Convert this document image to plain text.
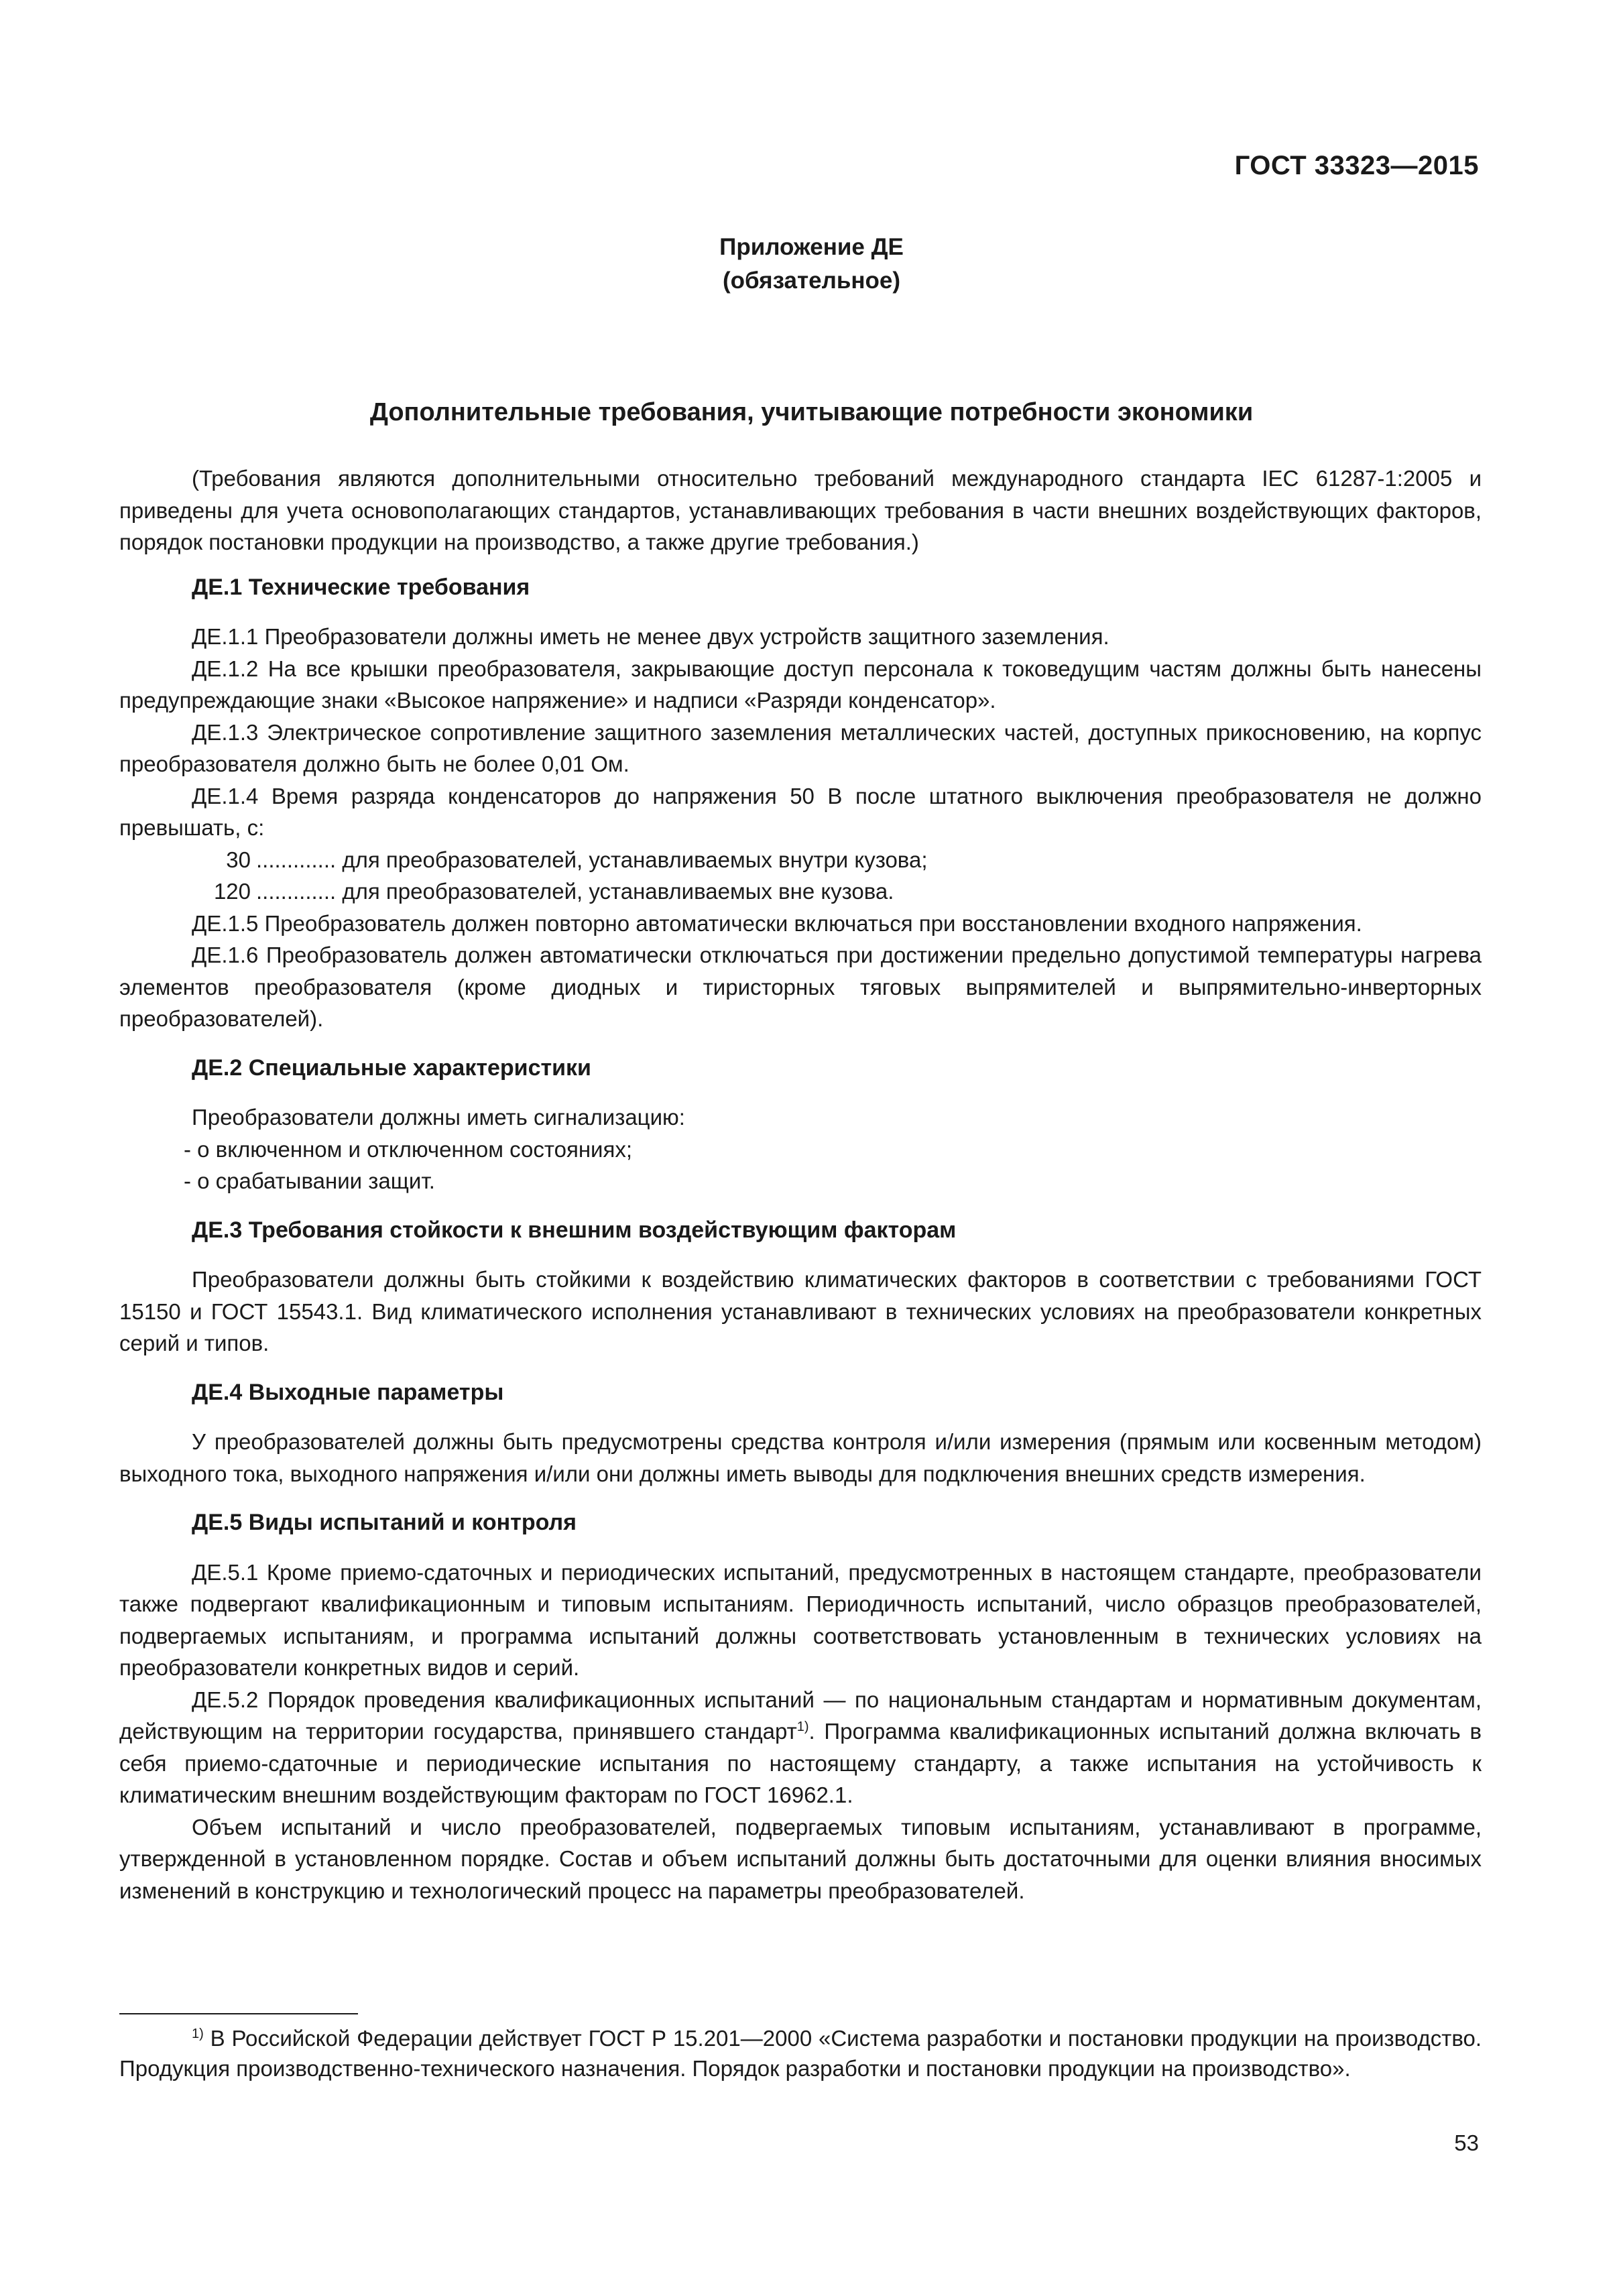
ГОСТ 33323—2015
Приложение ДЕ
(обязательное)
Дополнительные требования, учитывающие потребности экономики

(Требования являются дополнительными относительно требований международного стандарта IEC 61287-1:2005 и приведены для учета основополагающих стандартов, устанавливающих требования в части внешних воздействующих факторов, порядок постановки продукции на производство, а также другие требования.)

ДЕ.1 Технические требования

ДЕ.1.1 Преобразователи должны иметь не менее двух устройств защитного заземления.

ДЕ.1.2 На все крышки преобразователя, закрывающие доступ персонала к токоведущим частям должны быть нанесены предупреждающие знаки «Высокое напряжение» и надписи «Разряди конденсатор».

ДЕ.1.3 Электрическое сопротивление защитного заземления металлических частей, доступных прикосновению, на корпус преобразователя должно быть не более 0,01 Ом.

ДЕ.1.4 Время разряда конденсаторов до напряжения 50 В после штатного выключения преобразователя не должно превышать, с:

30 ............. для преобразователей, устанавливаемых внутри кузова;

120 ............. для преобразователей, устанавливаемых вне кузова.

ДЕ.1.5 Преобразователь должен повторно автоматически включаться при восстановлении входного напряжения.

ДЕ.1.6 Преобразователь должен автоматически отключаться при достижении предельно допустимой температуры нагрева элементов преобразователя (кроме диодных и тиристорных тяговых выпрямителей и выпрямительно-инверторных преобразователей).

ДЕ.2 Специальные характеристики

Преобразователи должны иметь сигнализацию:

- о включенном и отключенном состояниях;

- о срабатывании защит.

ДЕ.3 Требования стойкости к внешним воздействующим факторам

Преобразователи должны быть стойкими к воздействию климатических факторов в соответствии с требованиями ГОСТ 15150 и ГОСТ 15543.1. Вид климатического исполнения устанавливают в технических условиях на преобразователи конкретных серий и типов.

ДЕ.4 Выходные параметры

У преобразователей должны быть предусмотрены средства контроля и/или измерения (прямым или косвенным методом) выходного тока, выходного напряжения и/или они должны иметь выводы для подключения внешних средств измерения.

ДЕ.5 Виды испытаний и контроля

ДЕ.5.1 Кроме приемо-сдаточных и периодических испытаний, предусмотренных в настоящем стандарте, преобразователи также подвергают квалификационным и типовым испытаниям. Периодичность испытаний, число образцов преобразователей, подвергаемых испытаниям, и программа испытаний должны соответствовать установленным в технических условиях на преобразователи конкретных видов и серий.

ДЕ.5.2 Порядок проведения квалификационных испытаний — по национальным стандартам и нормативным документам, действующим на территории государства, принявшего стандарт$^{1)}$. Программа квалификационных испытаний должна включать в себя приемо-сдаточные и периодические испытания по настоящему стандарту, а также испытания на устойчивость к климатическим внешним воздействующим факторам по ГОСТ 16962.1.

Объем испытаний и число преобразователей, подвергаемых типовым испытаниям, устанавливают в программе, утвержденной в установленном порядке. Состав и объем испытаний должны быть достаточными для оценки влияния вносимых изменений в конструкцию и технологический процесс на параметры преобразователей.

$^{1)}$ В Российской Федерации действует ГОСТ Р 15.201—2000 «Система разработки и постановки продукции на производство. Продукция производственно-технического назначения. Порядок разработки и постановки продукции на производство».

53
